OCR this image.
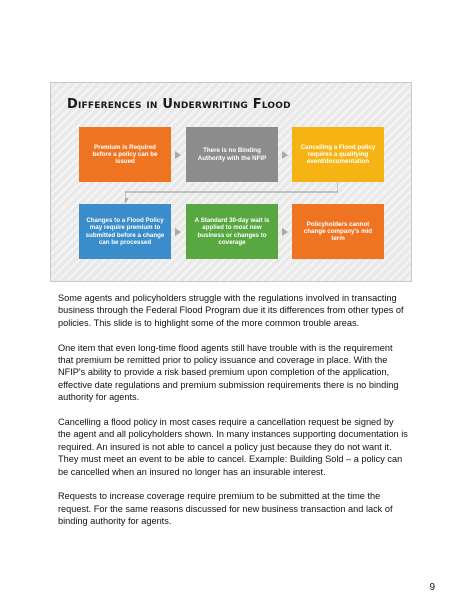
Differences in Underwriting Flood
Premium is Required before a policy can be issued
There is no Binding Authority with the NFIP
Cancelling a Flood policy requires a qualifying event/documentation
Changes to a Flood Policy may require premium to submitted before a change can be processed
A Standard 30-day wait is applied to most new business or changes to coverage
Policyholders cannot change company's mid term

Some agents and policyholders struggle with the regulations involved in transacting business through the Federal Flood Program due it its differences from other types of policies. This slide is to highlight some of the more common trouble areas.

One item that even long-time flood agents still have trouble with is the requirement that premium be remitted prior to policy issuance and coverage in place. With the NFIP's ability to provide a risk based premium upon completion of the application, effective date regulations and premium submission requirements there is no binding authority for agents.

Cancelling a flood policy in most cases require a cancellation request be signed by the agent and all policyholders shown. In many instances supporting documentation is required. An insured is not able to cancel a policy just because they do not want it. They must meet an event to be able to cancel. Example: Building Sold – a policy can be cancelled when an insured no longer has an insurable interest.

Requests to increase coverage require premium to be submitted at the time the request. For the same reasons discussed for new business transaction and lack of binding authority for agents.

9
